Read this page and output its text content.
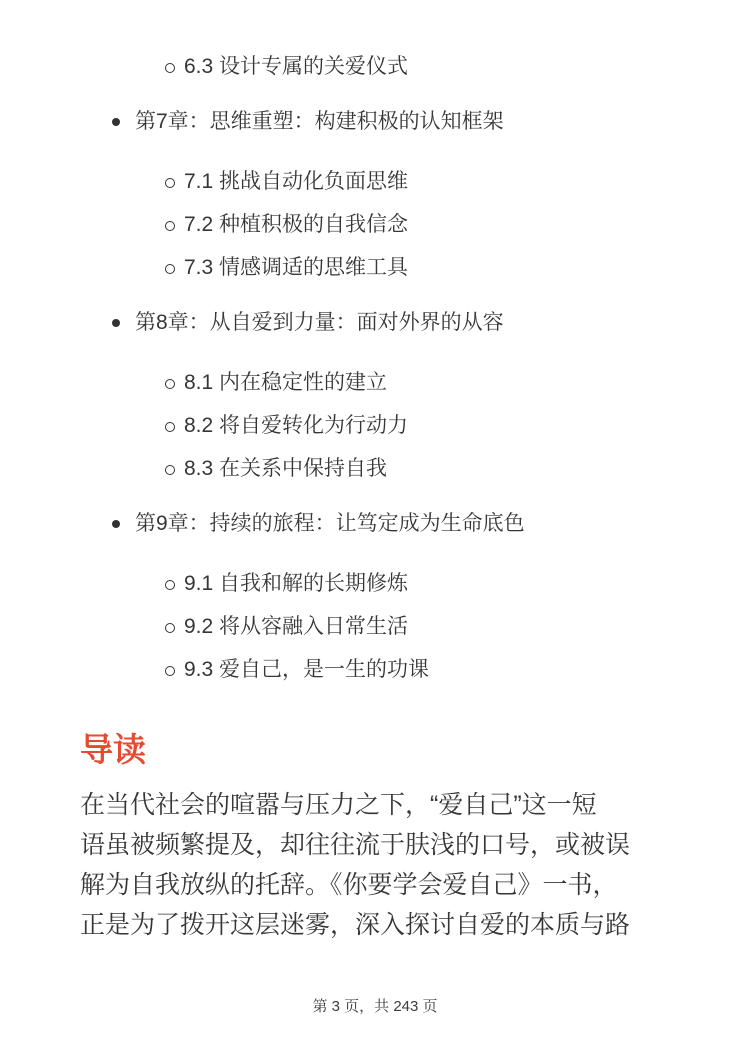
6.3 设计专属的关爱仪式
第7章：思维重塑：构建积极的认知框架
7.1 挑战自动化负面思维
7.2 种植积极的自我信念
7.3 情感调适的思维工具
第8章：从自爱到力量：面对外界的从容
8.1 内在稳定性的建立
8.2 将自爱转化为行动力
8.3 在关系中保持自我
第9章：持续的旅程：让笃定成为生命底色
9.1 自我和解的长期修炼
9.2 将从容融入日常生活
9.3 爱自己，是一生的功课
导读
在当代社会的喧嚣与压力之下，“爱自己”这一短
语虽被频繁提及，却往往流于肤浅的口号，或被误
解为自我放纵的托辞。《你要学会爱自己》一书，
正是为了拨开这层迷雾，深入探讨自爱的本质与路
第 3 页，共 243 页
